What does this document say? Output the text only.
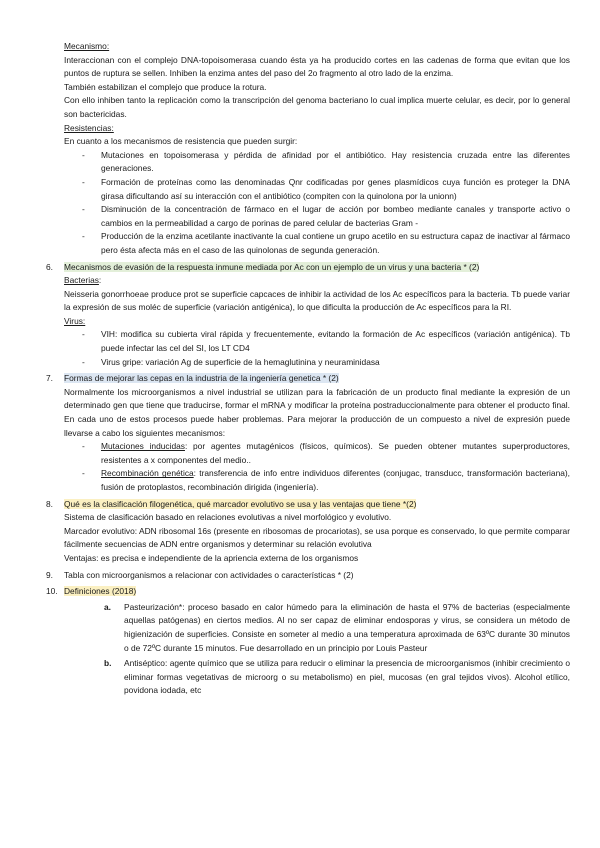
Mecanismo:

Interaccionan con el complejo DNA-topoisomerasa cuando ésta ya ha producido cortes en las cadenas de forma que evitan que los puntos de ruptura se sellen. Inhiben la enzima antes del paso del 2o fragmento al otro lado de la enzima.

También estabilizan el complejo que produce la rotura.

Con ello inhiben tanto la replicación como la transcripción del genoma bacteriano lo cual implica muerte celular, es decir, por lo general son bactericidas.

Resistencias:

En cuanto a los mecanismos de resistencia que pueden surgir:

- Mutaciones en topoisomerasa y pérdida de afinidad por el antibiótico. Hay resistencia cruzada entre las diferentes generaciones.
- Formación de proteínas como las denominadas Qnr codificadas por genes plasmídicos cuya función es proteger la DNA girasa dificultando así su interacción con el antibiótico (compiten con la quinolona por la unionn)
- Disminución de la concentración de fármaco en el lugar de acción por bombeo mediante canales y transporte activo o cambios en la permeabilidad a cargo de porinas de pared celular de bacterias Gram -
- Producción de la enzima acetilante inactivante la cual contiene un grupo acetilo en su estructura capaz de inactivar al fármaco pero ésta afecta más en el caso de las quinolonas de segunda generación.
6. Mecanismos de evasión de la respuesta inmune mediada por Ac con un ejemplo de un virus y una bacteria * (2)

Bacterias:

Neisseria gonorrhoeae produce prot se superficie capcaces de inhibir la actividad de los Ac específicos para la bacteria. Tb puede variar la expresión de sus moléc de superficie (variación antigénica), lo que dificulta la producción de Ac específicos para la RI.

Virus:

- VIH: modifica su cubierta viral rápida y frecuentemente, evitando la formación de Ac específicos (variación antigénica). Tb puede infectar las cel del SI, los LT CD4
- Virus gripe: variación Ag de superficie de la hemaglutinina y neuraminidasa
7. Formas de mejorar las cepas en la industria de la ingeniería genetica * (2)

Normalmente los microorganismos a nivel industrial se utilizan para la fabricación de un producto final mediante la expresión de un determinado gen que tiene que traducirse, formar el mRNA y modificar la proteína postraduccionalmente para obtener el producto final. En cada uno de estos procesos puede haber problemas. Para mejorar la producción de un compuesto a nivel de expresión puede llevarse a cabo los siguientes mecanismos:

- Mutaciones inducidas: por agentes mutagénicos (físicos, químicos). Se pueden obtener mutantes superproductores, resistentes a x componentes del medio..
- Recombinación genética: transferencia de info entre individuos diferentes (conjugac, transducc, transformación bacteriana), fusión de protoplastos, recombinación dirigida (ingeniería).
8. Qué es la clasificación filogenética, qué marcador evolutivo se usa y las ventajas que tiene *(2)

Sistema de clasificación basado en relaciones evolutivas a nivel morfológico y evolutivo.

Marcador evolutivo: ADN ribosomal 16s (presente en ribosomas de procariotas), se usa porque es conservado, lo que permite comparar fácilmente secuencias de ADN entre organismos y determinar su relación evolutiva

Ventajas: es precisa e independiente de la apriencia externa de los organismos

9. Tabla con microorganismos a relacionar con actividades o características * (2)
10. Definiciones (2018)
a. Pasteurización*: proceso basado en calor húmedo para la eliminación de hasta el 97% de bacterias (especialmente aquellas patógenas) en ciertos medios. Al no ser capaz de eliminar endosporas y virus, se considera un método de higienización de superficies. Consiste en someter al medio a una temperatura aproximada de 63ºC durante 30 minutos o de 72ºC durante 15 minutos. Fue desarrollado en un principio por Louis Pasteur
b. Antiséptico: agente químico que se utiliza para reducir o eliminar la presencia de microorganismos (inhibir crecimiento o eliminar formas vegetativas de microorg o su metabolismo) en piel, mucosas (en gral tejidos vivos). Alcohol etílico, povidona iodada, etc
